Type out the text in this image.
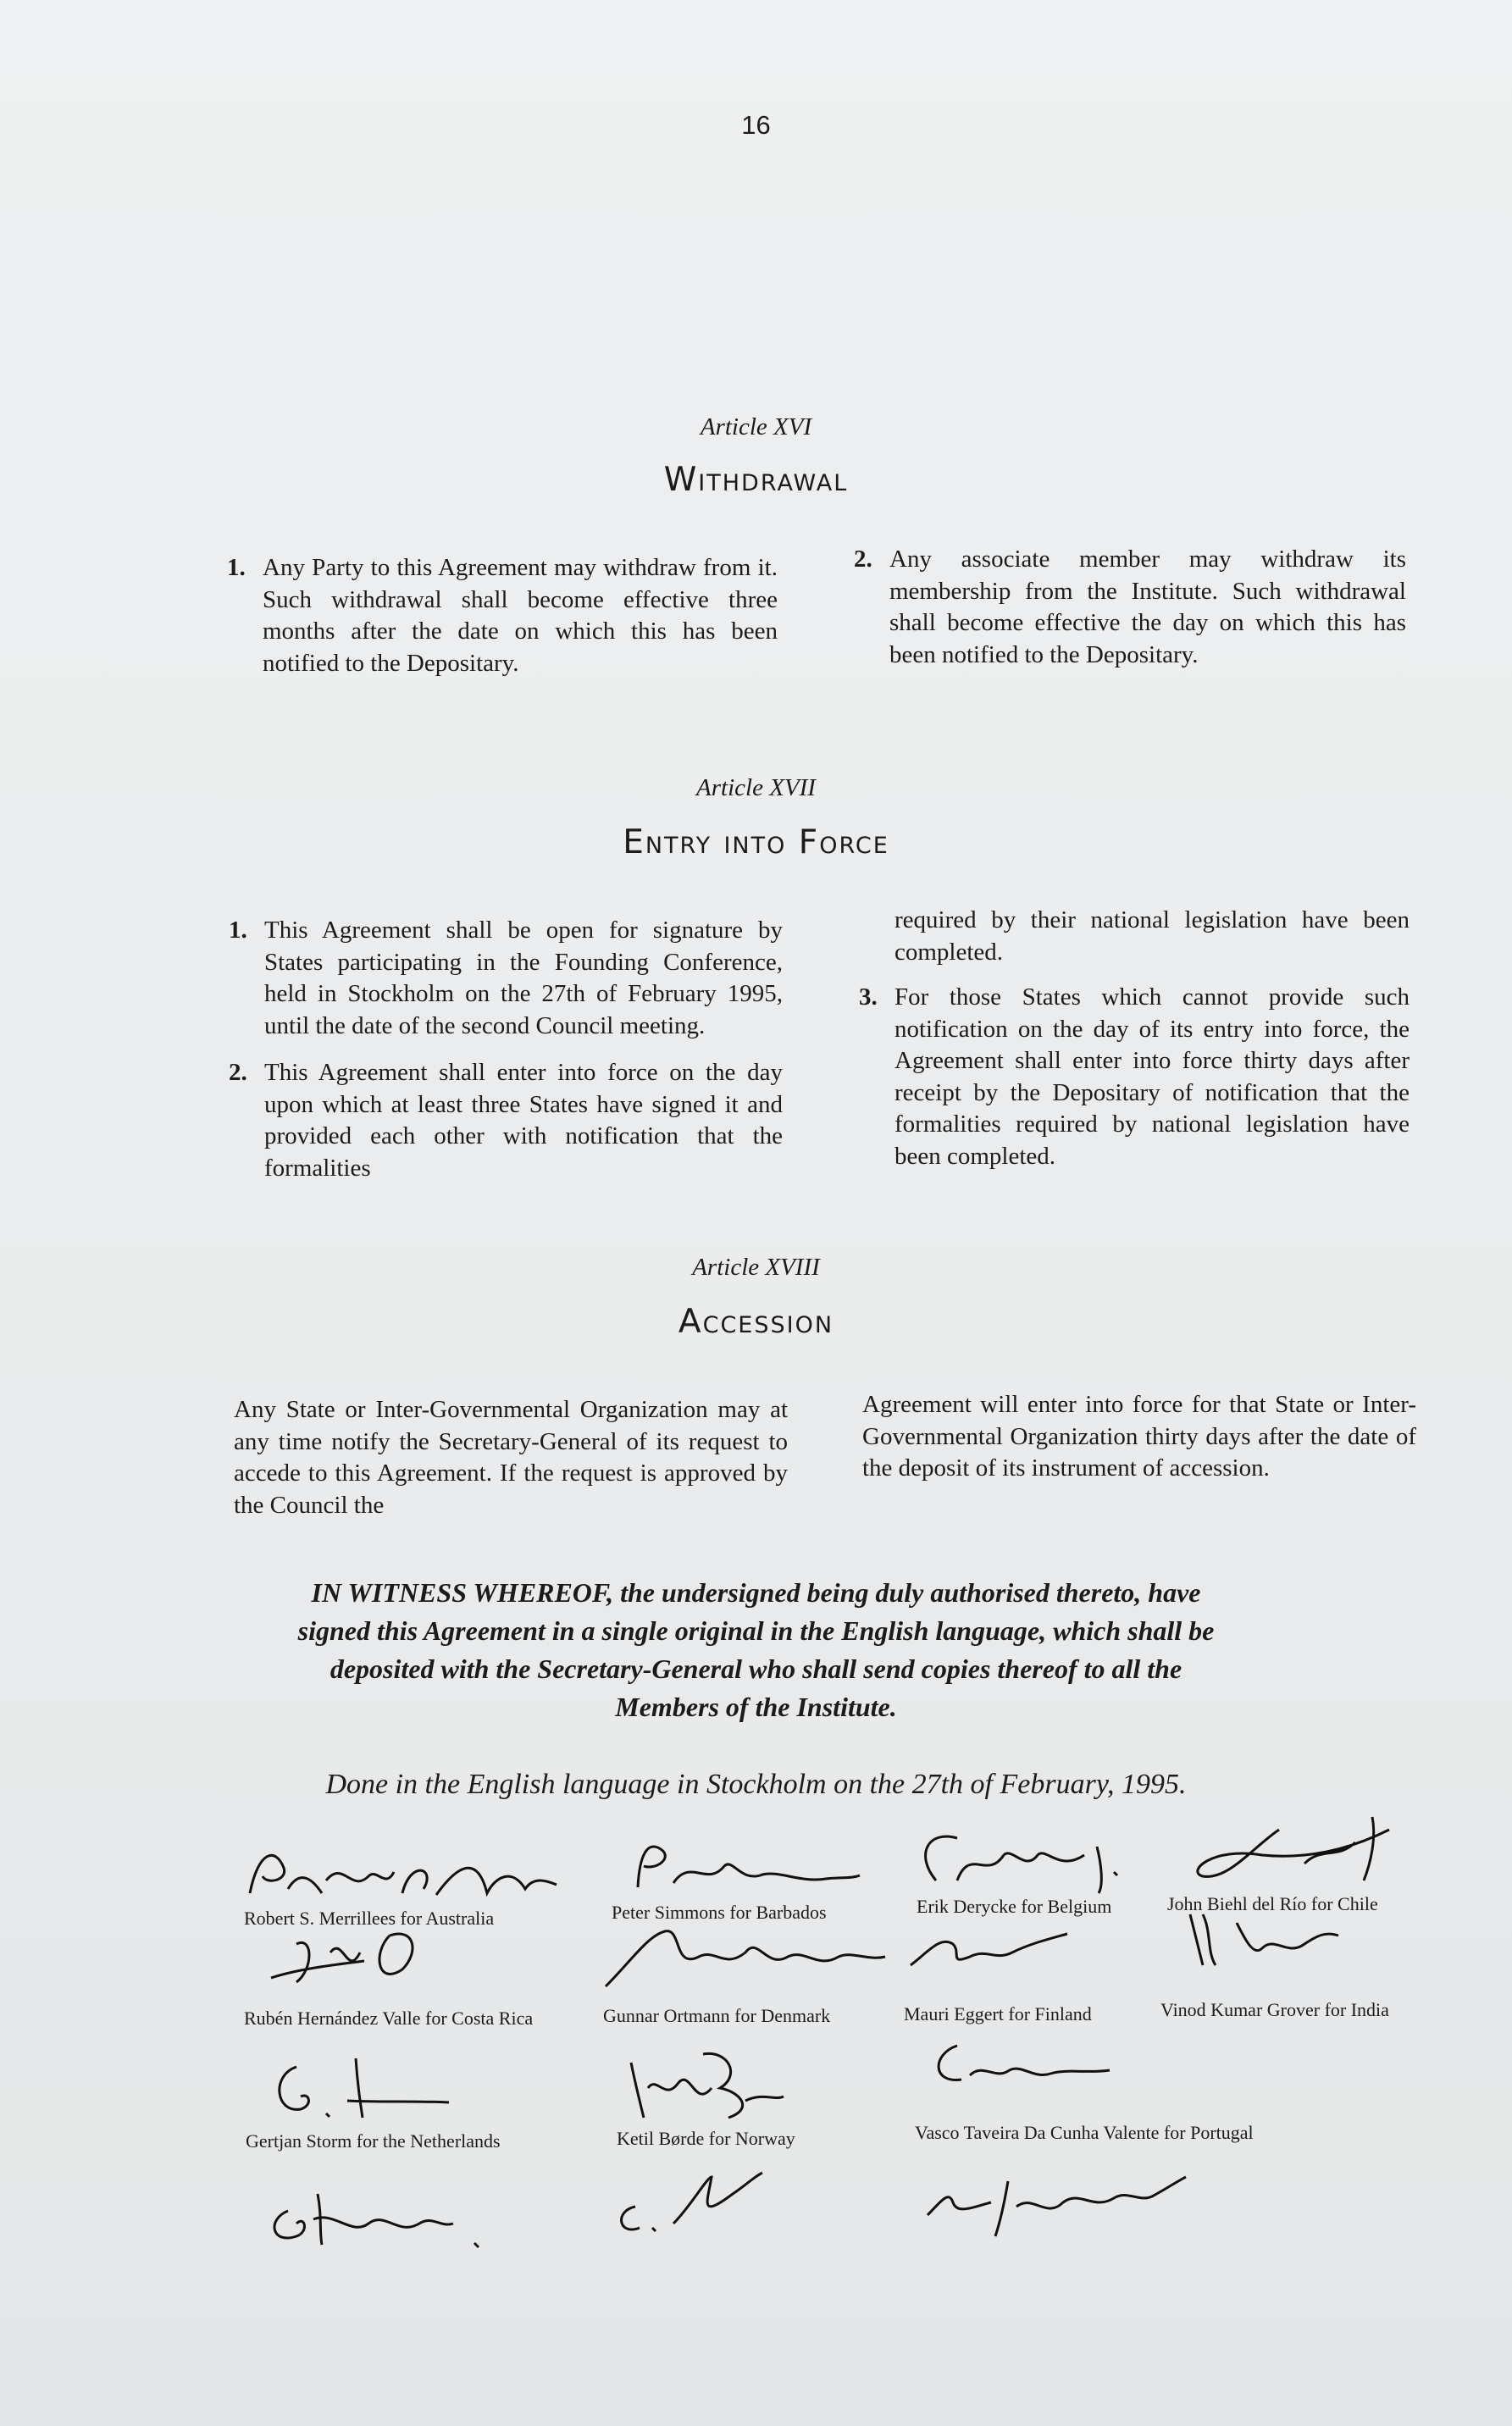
16
Article XVI
Withdrawal
1. Any Party to this Agreement may withdraw from it. Such withdrawal shall become effective three months after the date on which this has been notified to the Depositary.
2. Any associate member may withdraw its membership from the Institute. Such withdrawal shall become effective the day on which this has been notified to the Depositary.
Article XVII
Entry into Force
1. This Agreement shall be open for signature by States participating in the Founding Conference, held in Stockholm on the 27th of February 1995, until the date of the second Council meeting.
2. This Agreement shall enter into force on the day upon which at least three States have signed it and provided each other with notification that the formalities
required by their national legislation have been completed.
3. For those States which cannot provide such notification on the day of its entry into force, the Agreement shall enter into force thirty days after receipt by the Depositary of notification that the formalities required by national legislation have been completed.
Article XVIII
Accession
Any State or Inter-Governmental Organization may at any time notify the Secretary-General of its request to accede to this Agreement. If the request is approved by the Council the
Agreement will enter into force for that State or Inter-Governmental Organization thirty days after the date of the deposit of its instrument of accession.
IN WITNESS WHEREOF, the undersigned being duly authorised thereto, have signed this Agreement in a single original in the English language, which shall be deposited with the Secretary-General who shall send copies thereof to all the Members of the Institute.
Done in the English language in Stockholm on the 27th of February, 1995.
Robert S. Merrillees for Australia	Peter Simmons for Barbados	Erik Derycke for Belgium	John Biehl del Río for Chile
Rubén Hernández Valle for Costa Rica	Gunnar Ortmann for Denmark	Mauri Eggert for Finland	Vinod Kumar Grover for India
Gertjan Storm for the Netherlands	Ketil Børde for Norway	Vasco Taveira Da Cunha Valente for Portugal
